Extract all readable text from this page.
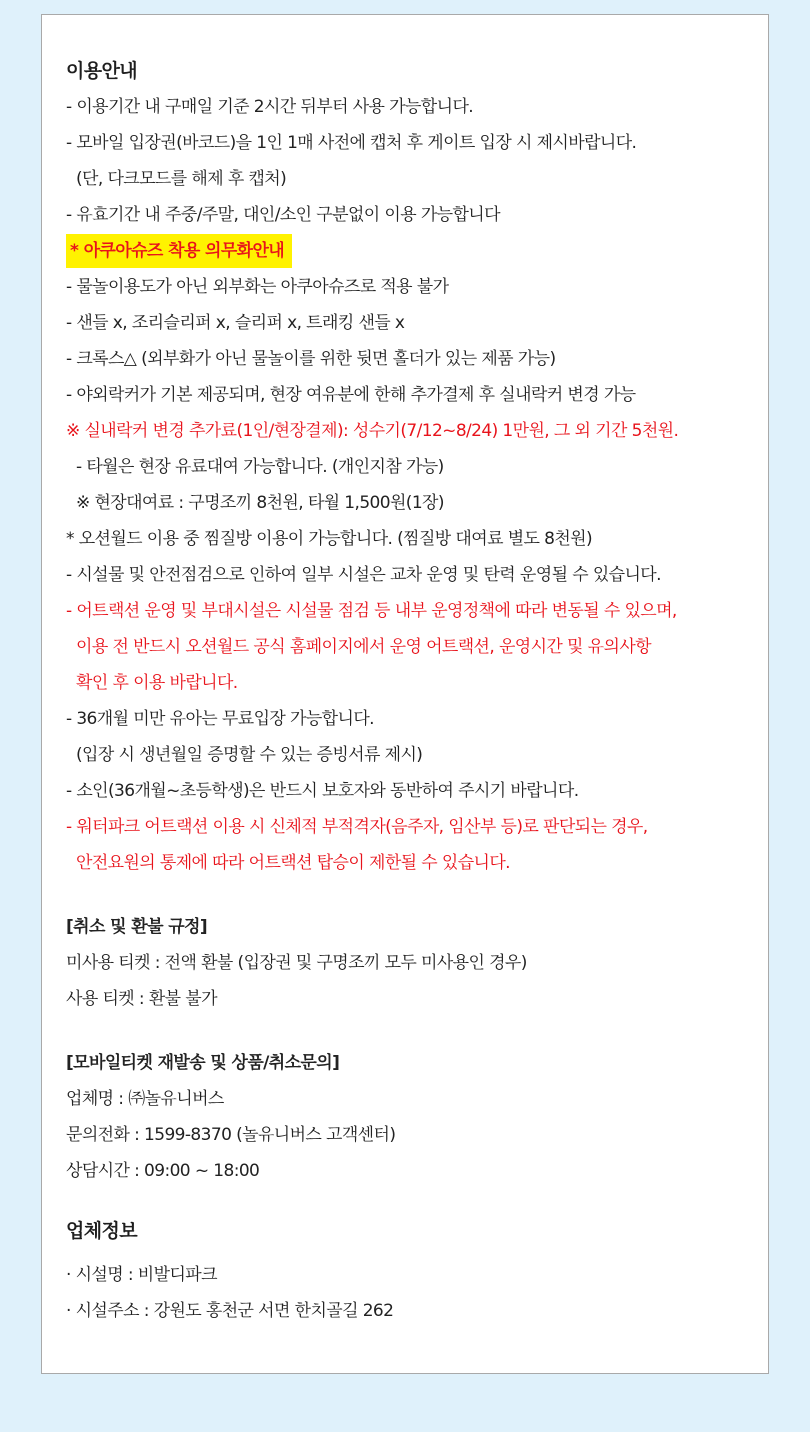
이용안내
- 이용기간 내 구매일 기준 2시간 뒤부터 사용 가능합니다.
- 모바일 입장권(바코드)을 1인 1매 사전에 캡처 후 게이트 입장 시 제시바랍니다.
(단, 다크모드를 해제 후 캡처)
- 유효기간 내 주중/주말, 대인/소인 구분없이 이용 가능합니다
* 아쿠아슈즈 착용 의무화안내
- 물놀이용도가 아닌 외부화는 아쿠아슈즈로 적용 불가
- 샌들 x, 조리슬리퍼 x, 슬리퍼 x, 트래킹 샌들 x
- 크록스△ (외부화가 아닌 물놀이를 위한 뒷면 홀더가 있는 제품 가능)
- 야외락커가 기본 제공되며, 현장 여유분에 한해 추가결제 후 실내락커 변경 가능
※ 실내락커 변경 추가료(1인/현장결제): 성수기(7/12~8/24) 1만원, 그 외 기간 5천원.
- 타월은 현장 유료대여 가능합니다. (개인지참 가능)
※ 현장대여료 : 구명조끼 8천원, 타월 1,500원(1장)
* 오션월드 이용 중 찜질방 이용이 가능합니다. (찜질방 대여료 별도 8천원)
- 시설물 및 안전점검으로 인하여 일부 시설은 교차 운영 및 탄력 운영될 수 있습니다.
- 어트랙션 운영 및 부대시설은 시설물 점검 등 내부 운영정책에 따라 변동될 수 있으며,
이용 전 반드시 오션월드 공식 홈페이지에서 운영 어트랙션, 운영시간 및 유의사항
확인 후 이용 바랍니다.
- 36개월 미만 유아는 무료입장 가능합니다.
(입장 시 생년월일 증명할 수 있는 증빙서류 제시)
- 소인(36개월~초등학생)은 반드시 보호자와 동반하여 주시기 바랍니다.
- 워터파크 어트랙션 이용 시 신체적 부적격자(음주자, 임산부 등)로 판단되는 경우,
안전요원의 통제에 따라 어트랙션 탑승이 제한될 수 있습니다.
[취소 및 환불 규정]
미사용 티켓 : 전액 환불 (입장권 및 구명조끼 모두 미사용인 경우)
사용 티켓 : 환불 불가
[모바일티켓 재발송 및 상품/취소문의]
업체명 : ㈜놀유니버스
문의전화 : 1599-8370 (놀유니버스 고객센터)
상담시간 : 09:00 ~ 18:00
업체정보
· 시설명 : 비발디파크
· 시설주소 : 강원도 홍천군 서면 한치골길 262
